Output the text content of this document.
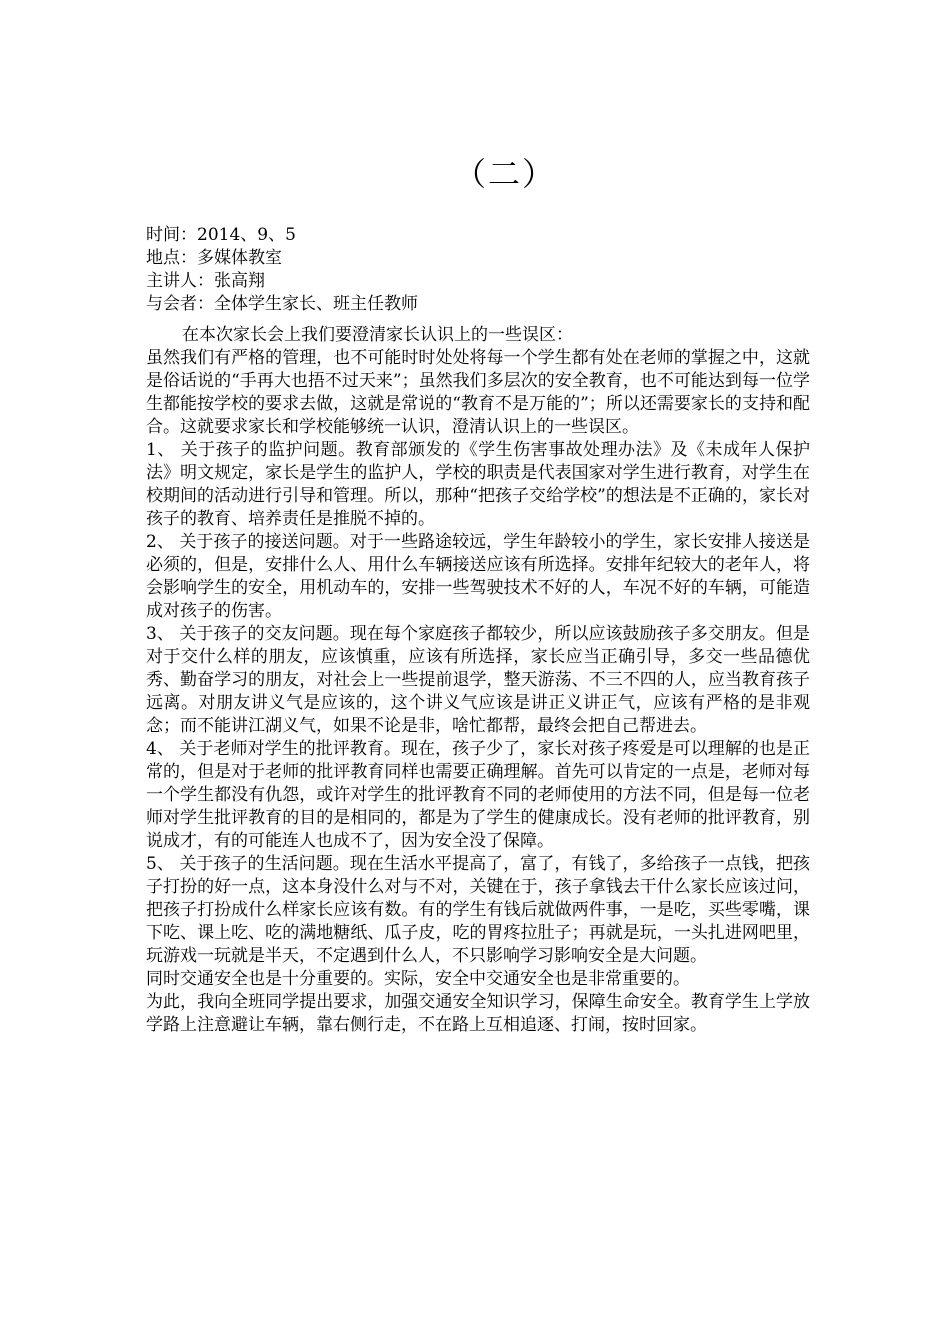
（二）
时间：2014、9、5
地点：多媒体教室
主讲人：张高翔
与会者：全体学生家长、班主任教师

在本次家长会上我们要澄清家长认识上的一些误区：

虽然我们有严格的管理，也不可能时时处处将每一个学生都有处在老师的掌握之中，这就是俗话说的“手再大也捂不过天来”；虽然我们多层次的安全教育，也不可能达到每一位学生都能按学校的要求去做，这就是常说的“教育不是万能的”；所以还需要家长的支持和配合。这就要求家长和学校能够统一认识，澄清认识上的一些误区。

1、 关于孩子的监护问题。教育部颁发的《学生伤害事故处理办法》及《未成年人保护法》明文规定，家长是学生的监护人，学校的职责是代表国家对学生进行教育，对学生在校期间的活动进行引导和管理。所以，那种“把孩子交给学校”的想法是不正确的，家长对孩子的教育、培养责任是推脱不掉的。

2、 关于孩子的接送问题。对于一些路途较远，学生年龄较小的学生，家长安排人接送是必须的，但是，安排什么人、用什么车辆接送应该有所选择。安排年纪较大的老年人，将会影响学生的安全，用机动车的，安排一些驾驶技术不好的人，车况不好的车辆，可能造成对孩子的伤害。

3、 关于孩子的交友问题。现在每个家庭孩子都较少，所以应该鼓励孩子多交朋友。但是对于交什么样的朋友，应该慎重，应该有所选择，家长应当正确引导，多交一些品德优秀、勤奋学习的朋友，对社会上一些提前退学，整天游荡、不三不四的人，应当教育孩子远离。对朋友讲义气是应该的，这个讲义气应该是讲正义讲正气，应该有严格的是非观念；而不能讲江湖义气，如果不论是非，啥忙都帮，最终会把自己帮进去。

4、 关于老师对学生的批评教育。现在，孩子少了，家长对孩子疼爱是可以理解的也是正常的，但是对于老师的批评教育同样也需要正确理解。首先可以肯定的一点是，老师对每一个学生都没有仇怨，或许对学生的批评教育不同的老师使用的方法不同，但是每一位老师对学生批评教育的目的是相同的，都是为了学生的健康成长。没有老师的批评教育，别说成才，有的可能连人也成不了，因为安全没了保障。

5、 关于孩子的生活问题。现在生活水平提高了，富了，有钱了，多给孩子一点钱，把孩子打扮的好一点，这本身没什么对与不对，关键在于，孩子拿钱去干什么家长应该过问，把孩子打扮成什么样家长应该有数。有的学生有钱后就做两件事，一是吃，买些零嘴，课下吃、课上吃、吃的满地糖纸、瓜子皮，吃的胃疼拉肚子；再就是玩，一头扎进网吧里，玩游戏一玩就是半天，不定遇到什么人，不只影响学习影响安全是大问题。

同时交通安全也是十分重要的。实际，安全中交通安全也是非常重要的。

为此，我向全班同学提出要求，加强交通安全知识学习，保障生命安全。教育学生上学放学路上注意避让车辆，靠右侧行走，不在路上互相追逐、打闹，按时回家。
